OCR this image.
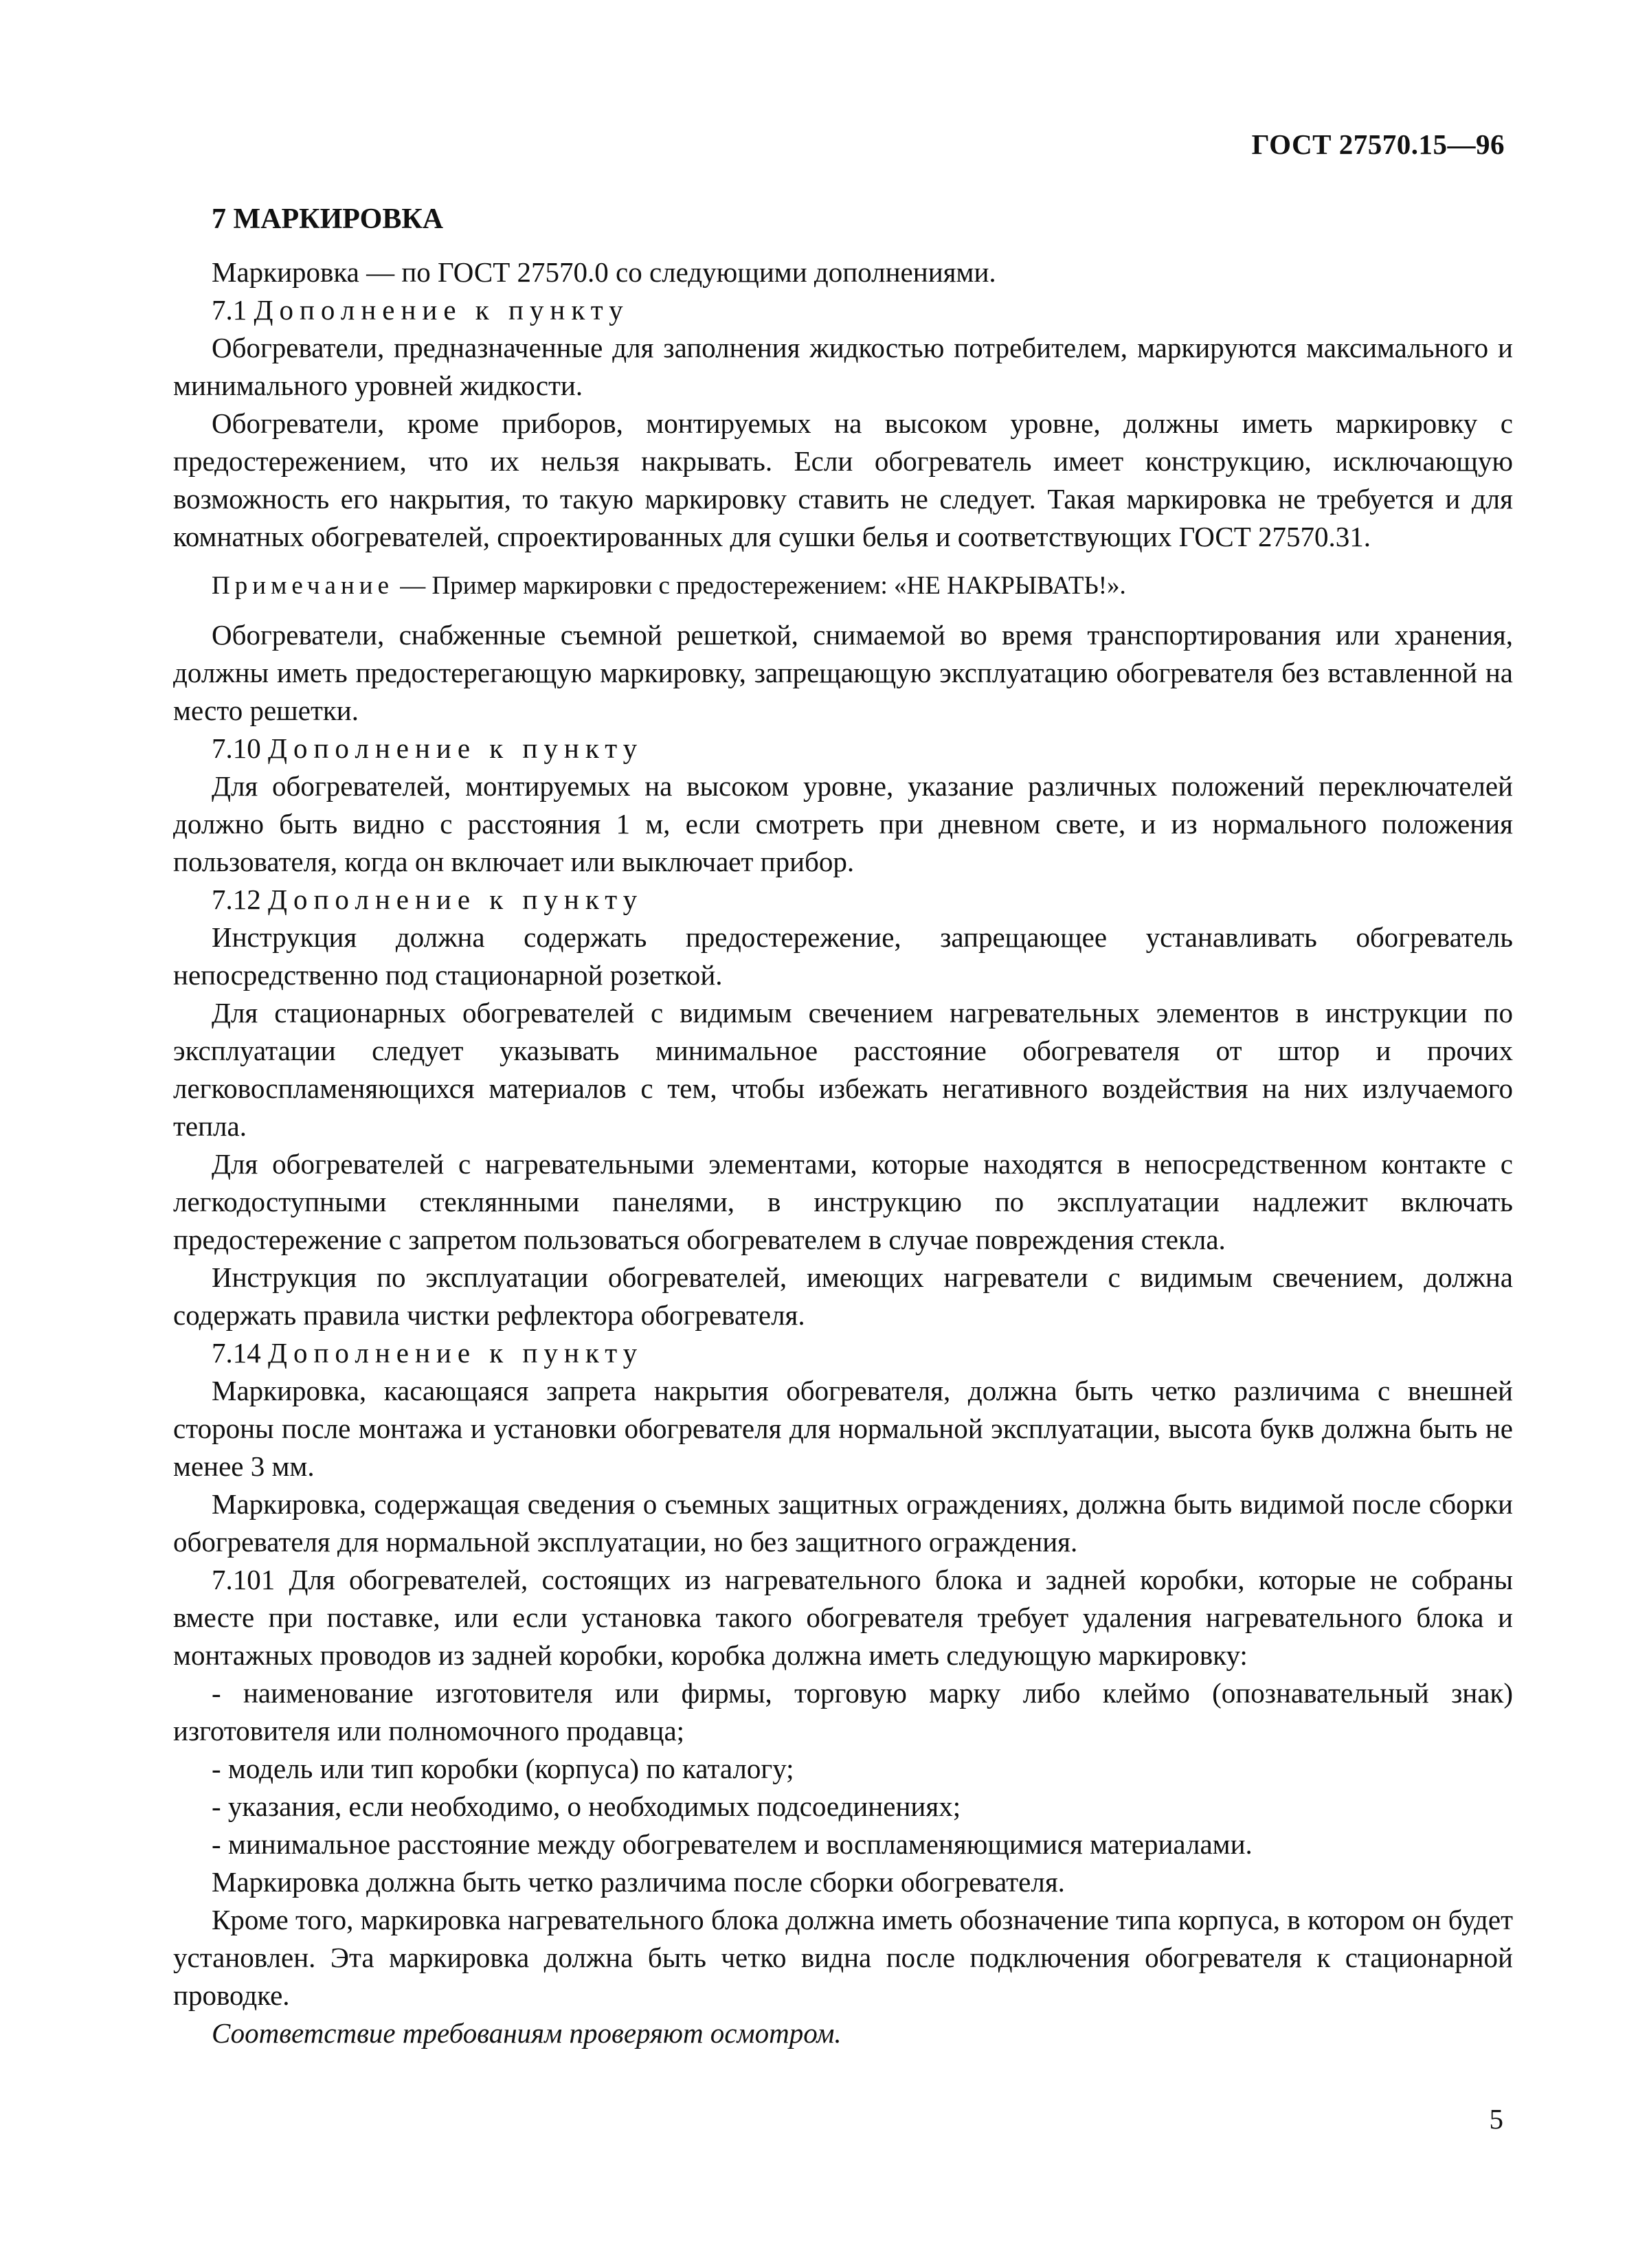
ГОСТ 27570.15—96
7 МАРКИРОВКА

Маркировка — по ГОСТ 27570.0 со следующими дополнениями.

7.1 Дополнение к пункту

Обогреватели, предназначенные для заполнения жидкостью потребителем, маркируются максимального и минимального уровней жидкости.

Обогреватели, кроме приборов, монтируемых на высоком уровне, должны иметь маркировку с предостережением, что их нельзя накрывать. Если обогреватель имеет конструкцию, исключающую возможность его накрытия, то такую маркировку ставить не следует. Такая маркировка не требуется и для комнатных обогревателей, спроектированных для сушки белья и соответствующих ГОСТ 27570.31.

Примечание — Пример маркировки с предостережением: «НЕ НАКРЫВАТЬ!».

Обогреватели, снабженные съемной решеткой, снимаемой во время транспортирования или хранения, должны иметь предостерегающую маркировку, запрещающую эксплуатацию обогревателя без вставленной на место решетки.

7.10 Дополнение к пункту

Для обогревателей, монтируемых на высоком уровне, указание различных положений переключателей должно быть видно с расстояния 1 м, если смотреть при дневном свете, и из нормального положения пользователя, когда он включает или выключает прибор.

7.12 Дополнение к пункту

Инструкция должна содержать предостережение, запрещающее устанавливать обогреватель непосредственно под стационарной розеткой.

Для стационарных обогревателей с видимым свечением нагревательных элементов в инструкции по эксплуатации следует указывать минимальное расстояние обогревателя от штор и прочих легковоспламеняющихся материалов с тем, чтобы избежать негативного воздействия на них излучаемого тепла.

Для обогревателей с нагревательными элементами, которые находятся в непосредственном контакте с легкодоступными стеклянными панелями, в инструкцию по эксплуатации надлежит включать предостережение с запретом пользоваться обогревателем в случае повреждения стекла.

Инструкция по эксплуатации обогревателей, имеющих нагреватели с видимым свечением, должна содержать правила чистки рефлектора обогревателя.

7.14 Дополнение к пункту

Маркировка, касающаяся запрета накрытия обогревателя, должна быть четко различима с внешней стороны после монтажа и установки обогревателя для нормальной эксплуатации, высота букв должна быть не менее 3 мм.

Маркировка, содержащая сведения о съемных защитных ограждениях, должна быть видимой после сборки обогревателя для нормальной эксплуатации, но без защитного ограждения.

7.101 Для обогревателей, состоящих из нагревательного блока и задней коробки, которые не собраны вместе при поставке, или если установка такого обогревателя требует удаления нагревательного блока и монтажных проводов из задней коробки, коробка должна иметь следующую маркировку:

- наименование изготовителя или фирмы, торговую марку либо клеймо (опознавательный знак) изготовителя или полномочного продавца;

- модель или тип коробки (корпуса) по каталогу;

- указания, если необходимо, о необходимых подсоединениях;

- минимальное расстояние между обогревателем и воспламеняющимися материалами.

Маркировка должна быть четко различима после сборки обогревателя.

Кроме того, маркировка нагревательного блока должна иметь обозначение типа корпуса, в котором он будет установлен. Эта маркировка должна быть четко видна после подключения обогревателя к стационарной проводке.

Соответствие требованиям проверяют осмотром.

5
